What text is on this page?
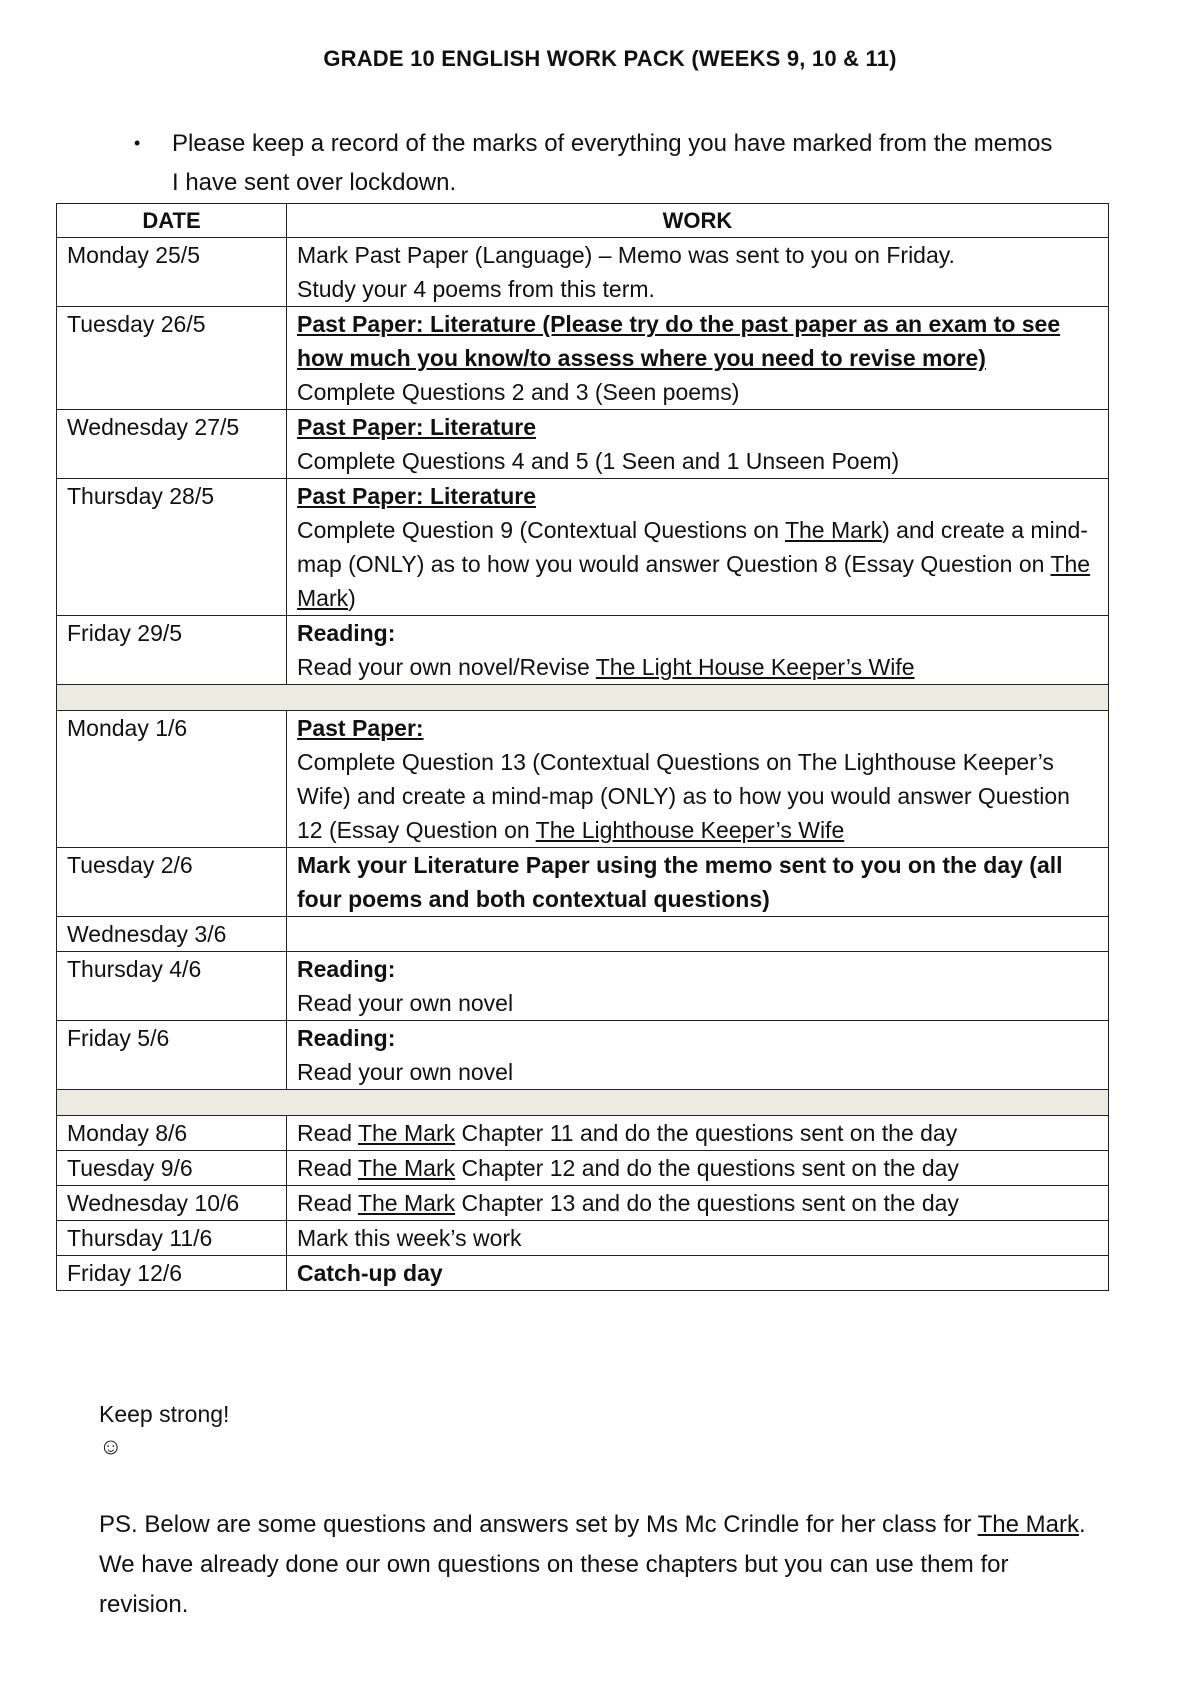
GRADE 10 ENGLISH WORK PACK (WEEKS 9, 10 & 11)
• Please keep a record of the marks of everything you have marked from the memos I have sent over lockdown.
DATE	WORK
Monday 25/5	Mark Past Paper (Language) – Memo was sent to you on Friday.
Study your 4 poems from this term.

Tuesday 26/5	Past Paper: Literature (Please try do the past paper as an exam to see how much you know/to assess where you need to revise more)
Complete Questions 2 and 3 (Seen poems)

Wednesday 27/5	Past Paper: Literature
Complete Questions 4 and 5 (1 Seen and 1 Unseen Poem)

Thursday 28/5	Past Paper: Literature
Complete Question 9 (Contextual Questions on The Mark) and create a mind-map (ONLY) as to how you would answer Question 8 (Essay Question on The Mark)

Friday 29/5	Reading:
Read your own novel/Revise The Light House Keeper’s Wife

Monday 1/6	Past Paper:
Complete Question 13 (Contextual Questions on The Lighthouse Keeper’s Wife) and create a mind-map (ONLY) as to how you would answer Question 12 (Essay Question on The Lighthouse Keeper’s Wife

Tuesday 2/6	Mark your Literature Paper using the memo sent to you on the day (all four poems and both contextual questions)

Wednesday 3/6	
Thursday 4/6	Reading:
Read your own novel

Friday 5/6	Reading:
Read your own novel

Monday 8/6	Read The Mark Chapter 11 and do the questions sent on the day
Tuesday 9/6	Read The Mark Chapter 12 and do the questions sent on the day
Wednesday 10/6	Read The Mark Chapter 13 and do the questions sent on the day
Thursday 11/6	Mark this week’s work
Friday 12/6	Catch-up day
Keep strong!
☺
PS. Below are some questions and answers set by Ms Mc Crindle for her class for The Mark. We have already done our own questions on these chapters but you can use them for revision.
